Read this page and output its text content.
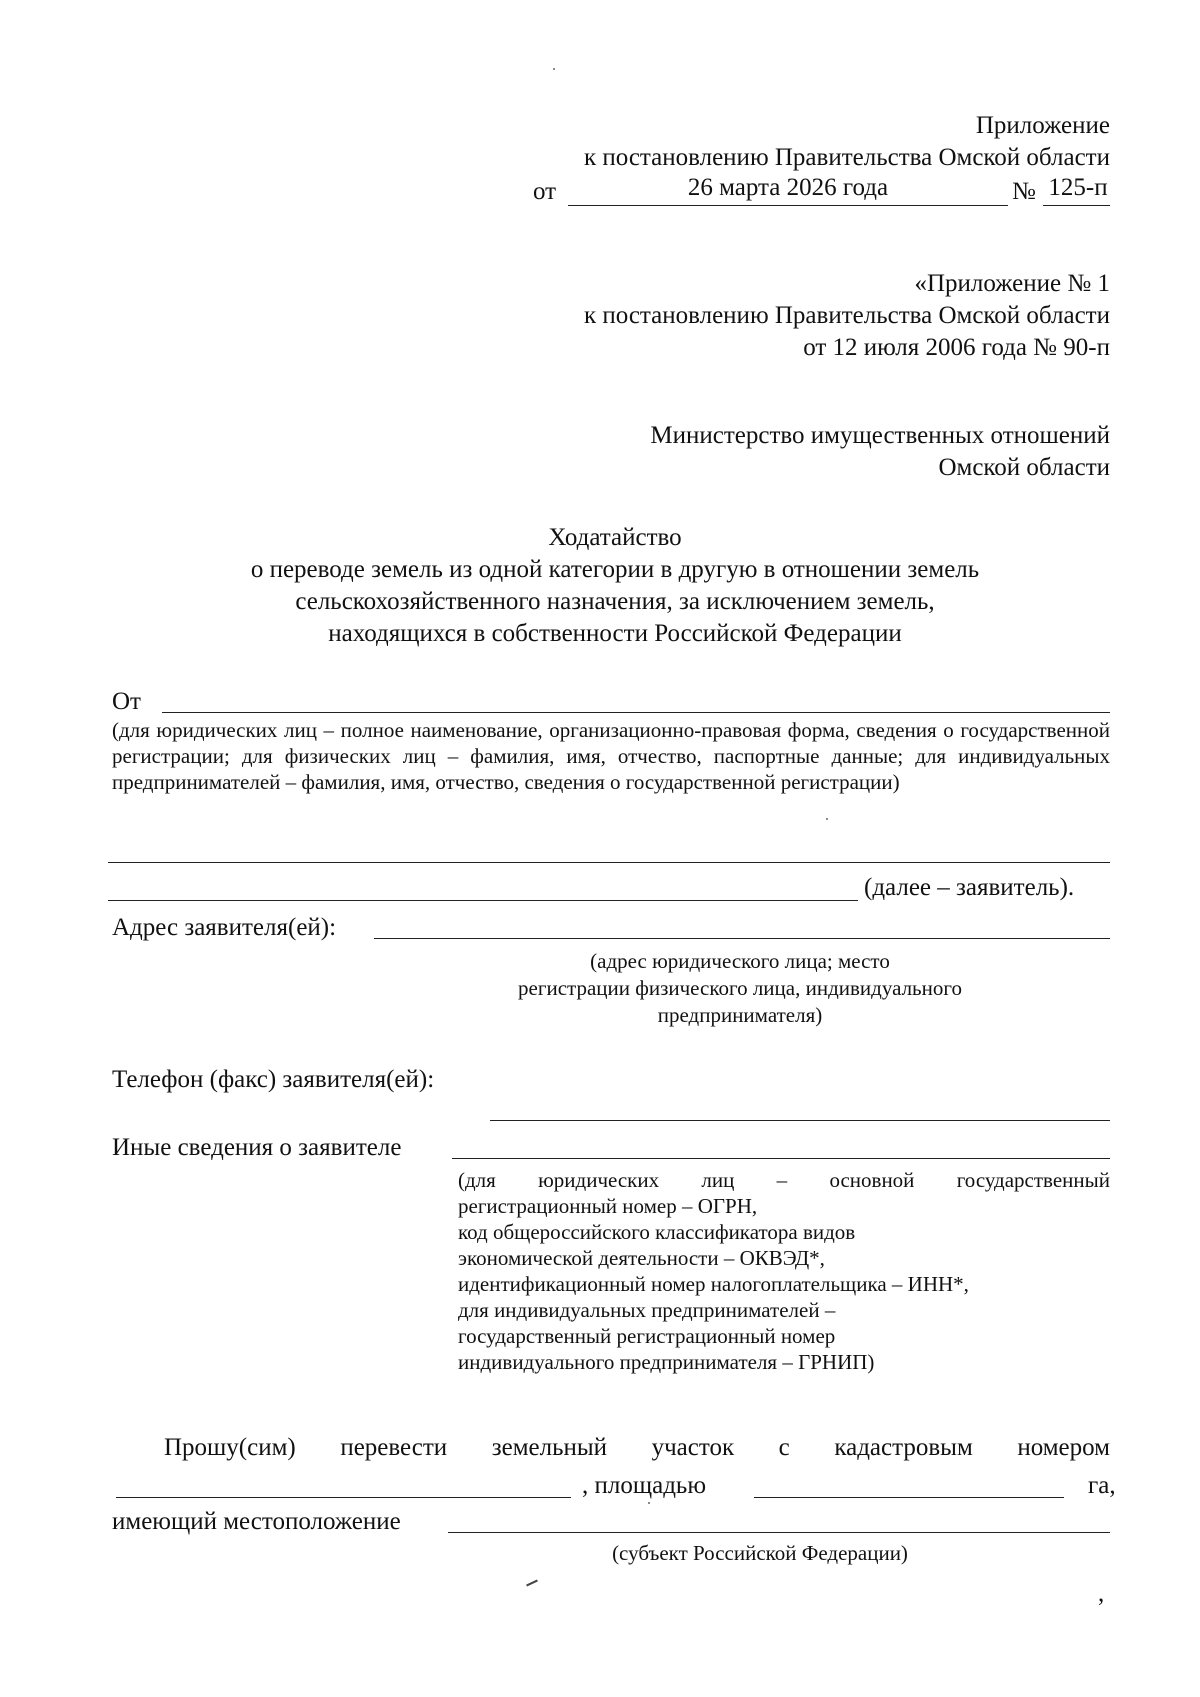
Приложение
к постановлению Правительства Омской области
от	26 марта 2026 года	№ 125-п
«Приложение № 1
к постановлению Правительства Омской области
от 12 июля 2006 года № 90-п
Министерство имущественных отношений
Омской области
Ходатайство
о переводе земель из одной категории в другую в отношении земель
сельскохозяйственного назначения, за исключением земель,
находящихся в собственности Российской Федерации
От
(для юридических лиц – полное наименование, организационно-правовая форма, сведения о государственной регистрации; для физических лиц – фамилия, имя, отчество, паспортные данные; для индивидуальных предпринимателей – фамилия, имя, отчество, сведения о государственной регистрации)
(далее – заявитель).
Адрес заявителя(ей):
(адрес юридического лица; место
регистрации физического лица, индивидуального
предпринимателя)
Телефон (факс) заявителя(ей):
Иные сведения о заявителе
(для юридических лиц – основной государственный
регистрационный номер – ОГРН,
код общероссийского классификатора видов
экономической деятельности – ОКВЭД*,
идентификационный номер налогоплательщика – ИНН*,
для индивидуальных предпринимателей –
государственный регистрационный номер
индивидуального предпринимателя – ГРНИП)
Прошу(сим) перевести земельный участок с кадастровым номером
, площадью	га,
имеющий местоположение
(субъект Российской Федерации)
,
